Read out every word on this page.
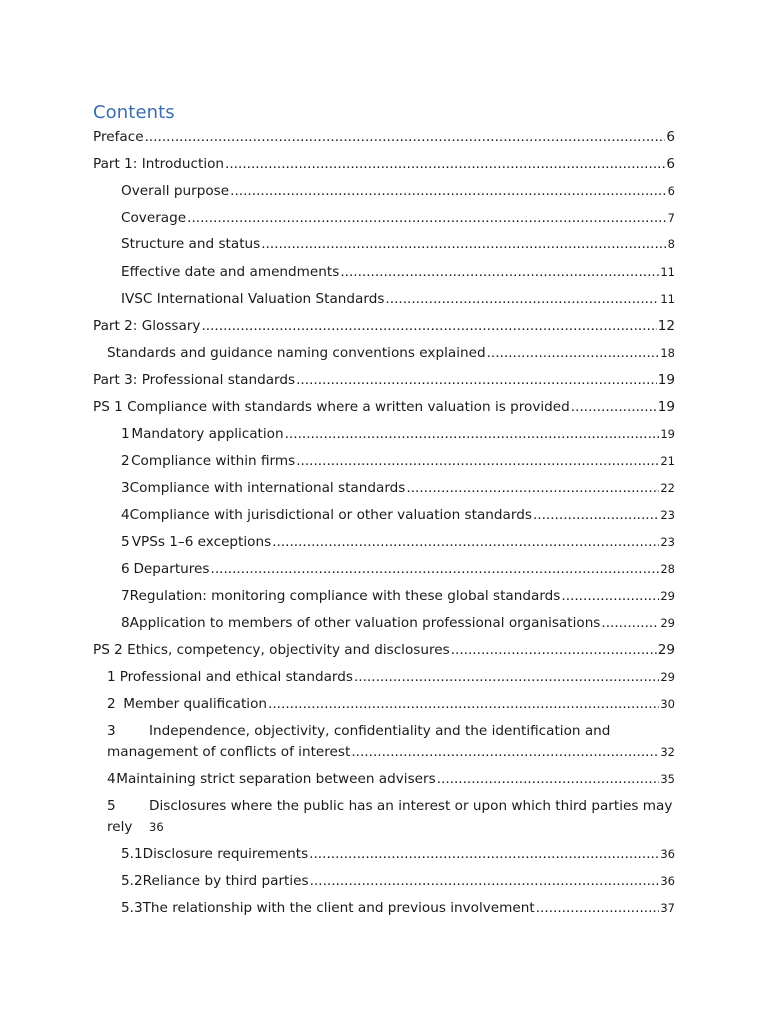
Contents
Preface .....	6
Part 1: Introduction .....	6
Overall purpose .....	6
Coverage .....	7
Structure and status .....	8
Effective date and amendments .....	11
IVSC International Valuation Standards .....	11
Part 2: Glossary .....	12
Standards and guidance naming conventions explained .....	18
Part 3: Professional standards .....	19
PS 1 Compliance with standards where a written valuation is provided .....	19
1 Mandatory application .....	19
2 Compliance within firms .....	21
3 Compliance with international standards .....	22
4 Compliance with jurisdictional or other valuation standards .....	23
5 VPSs 1–6 exceptions .....	23
6 Departures .....	28
7 Regulation: monitoring compliance with these global standards .....	29
8 Application to members of other valuation professional organisations .....	29
PS 2 Ethics, competency, objectivity and disclosures .....	29
1 Professional and ethical standards .....	29
2 Member qualification .....	30
3 Independence, objectivity, confidentiality and the identification and
management of conflicts of interest .....	32
4 Maintaining strict separation between advisers .....	35
5 Disclosures where the public has an interest or upon which third parties may
rely 36
5.1 Disclosure requirements .....	36
5.2 Reliance by third parties .....	36
5.3 The relationship with the client and previous involvement .....	37
